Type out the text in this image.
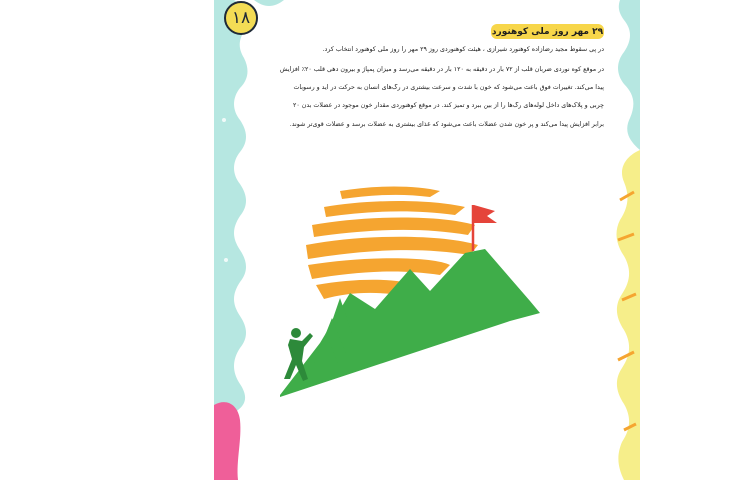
۱۸
۲۹ مهر روز ملی کوهنورد
در پی سقوط مجید رضازاده کوهنورد شیرازی ، هیئت کوهنوردی روز ۲۹ مهر را روز ملی کوهنورد انتخاب کرد.
در موقع کوه نوردی ضربان قلب از ۷۲ بار در دقیقه به ۱۲۰ بار در دقیقه می‌رسد و میزان پمپاژ و بیرون دهی قلب ۲۰٪ افزایش
پیدا می‌کند. تغییرات فوق باعث می‌شود که خون با شدت و سرعت بیشتری در رگ‌های انسان به حرکت در آید و رسوبات
چربی و پلاک‌های داخل لوله‌های رگ‌ها را از بین ببرد و تمیز کند. در موقع کوهنوردی مقدار خون موجود در عضلات بدن ۲۰
برابر افزایش پیدا می‌کند و پر خون شدن عضلات باعث می‌شود که غذای بیشتری به عضلات برسد و عضلات قوی‌تر شوند.
